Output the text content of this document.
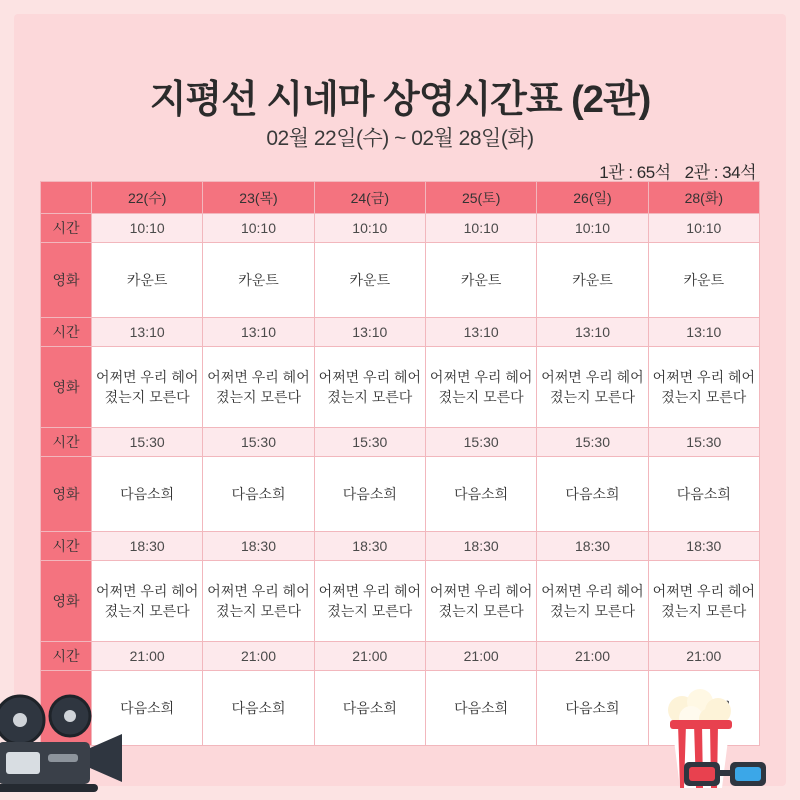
지평선 시네마 상영시간표 (2관)
02월 22일(수) ~ 02월 28일(화)
1관 : 65석 2관 : 34석
	22(수)	23(목)	24(금)	25(토)	26(일)	28(화)
시간	10:10	10:10	10:10	10:10	10:10	10:10
영화	카운트	카운트	카운트	카운트	카운트	카운트
시간	13:10	13:10	13:10	13:10	13:10	13:10
영화	어쩌면 우리 헤어졌는지 모른다	어쩌면 우리 헤어졌는지 모른다	어쩌면 우리 헤어졌는지 모른다	어쩌면 우리 헤어졌는지 모른다	어쩌면 우리 헤어졌는지 모른다	어쩌면 우리 헤어졌는지 모른다
시간	15:30	15:30	15:30	15:30	15:30	15:30
영화	다음소희	다음소희	다음소희	다음소희	다음소희	다음소희
시간	18:30	18:30	18:30	18:30	18:30	18:30
영화	어쩌면 우리 헤어졌는지 모른다	어쩌면 우리 헤어졌는지 모른다	어쩌면 우리 헤어졌는지 모른다	어쩌면 우리 헤어졌는지 모른다	어쩌면 우리 헤어졌는지 모른다	어쩌면 우리 헤어졌는지 모른다
시간	21:00	21:00	21:00	21:00	21:00	21:00
	다음소희	다음소희	다음소희	다음소희	다음소희	
